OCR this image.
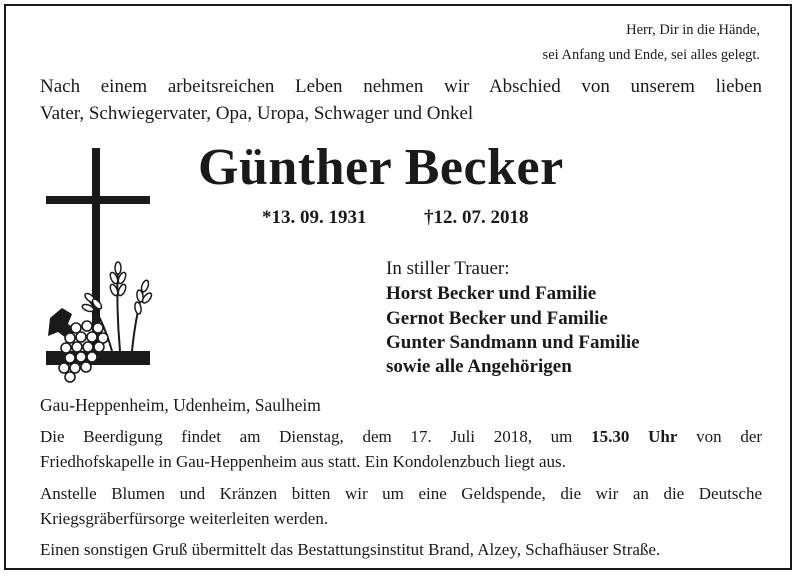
Herr, Dir in die Hände,
sei Anfang und Ende, sei alles gelegt.
Nach einem arbeitsreichen Leben nehmen wir Abschied von unserem lieben
Vater, Schwiegervater, Opa, Uropa, Schwager und Onkel
Günther Becker
*13. 09. 1931	†12. 07. 2018
In stiller Trauer:
Horst Becker und Familie
Gernot Becker und Familie
Gunter Sandmann und Familie
sowie alle Angehörigen
Gau-Heppenheim, Udenheim, Saulheim
Die Beerdigung findet am Dienstag, dem 17. Juli 2018, um 15.30 Uhr von der
Friedhofskapelle in Gau-Heppenheim aus statt. Ein Kondolenzbuch liegt aus.
Anstelle Blumen und Kränzen bitten wir um eine Geldspende, die wir an die Deutsche
Kriegsgräberfürsorge weiterleiten werden.
Einen sonstigen Gruß übermittelt das Bestattungsinstitut Brand, Alzey, Schafhäuser Straße.
